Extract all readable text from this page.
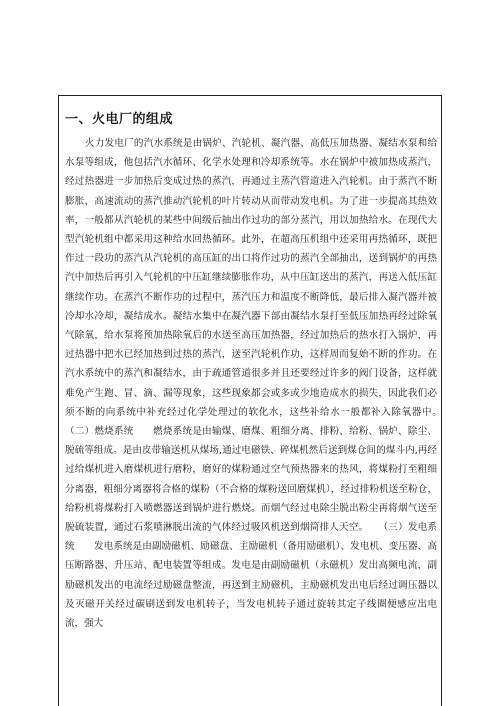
一、火电厂的组成

火力发电厂的汽水系统是由锅炉、汽轮机、凝汽器、高低压加热器、凝结水泵和给水泵等组成，他包括汽水循环、化学水处理和冷却系统等。水在锅炉中被加热成蒸汽，经过热器进一步加热后变成过热的蒸汽，再通过主蒸汽管道进入汽轮机。由于蒸汽不断膨胀，高速流动的蒸汽推动汽轮机的叶片转动从而带动发电机。为了进一步提高其热效率，一般都从汽轮机的某些中间级后抽出作过功的部分蒸汽，用以加热给水。在现代大型汽轮机组中都采用这种给水回热循环。此外，在超高压机组中还采用再热循环，既把作过一段功的蒸汽从汽轮机的高压缸的出口将作过功的蒸汽全部抽出，送到锅炉的再热汽中加热后再引入气轮机的中压缸继续膨胀作功，从中压缸送出的蒸汽，再送入低压缸继续作功。在蒸汽不断作功的过程中，蒸汽压力和温度不断降低，最后排入凝汽器并被冷却水冷却，凝结成水。凝结水集中在凝汽器下部由凝结水泵打至低压加热再经过除氧气除氧，给水泵将预加热除氧后的水送至高压加热器，经过加热后的热水打入锅炉，再过热器中把水已经加热到过热的蒸汽，送至汽轮机作功，这样周而复始不断的作功。在汽水系统中的蒸汽和凝结水，由于疏通管道很多并且还要经过许多的阀门设备，这样就难免产生跑、冒、滴、漏等现象，这些现象都会或多或少地造成水的损失，因此我们必须不断的向系统中补充经过化学处理过的软化水，这些补给水一般都补入除氧器中。　　（二）燃烧系统　　燃烧系统是由输煤、磨煤、粗细分离、排粉、给粉、锅炉、除尘、脱硫等组成。是由皮带输送机从煤场,通过电磁铁、碎煤机然后送到煤仓间的煤斗内,再经过给煤机进入磨煤机进行磨粉，磨好的煤粉通过空气预热器来的热风，将煤粉打至粗细分离器，粗细分离器将合格的煤粉（不合格的煤粉送回磨煤机），经过排粉机送至粉仓，给粉机将煤粉打入喷燃器送到锅炉进行燃烧。而烟气经过电除尘脱出粉尘再将烟气送至脱硫装置，通过石浆喷淋脱出流的气体经过吸风机送到烟筒排人天空。　　（三）发电系统　　发电系统是由副励磁机、励磁盘、主励磁机（备用励磁机）、发电机、变压器、高压断路器、升压站、配电装置等组成。发电是由副励磁机（永磁机）发出高频电流，副励磁机发出的电流经过励磁盘整流，再送到主励磁机，主励磁机发出电后经过调压器以及灭磁开关经过碳刷送到发电机转子，当发电机转子通过旋转其定子线圈便感应出电流，强大
